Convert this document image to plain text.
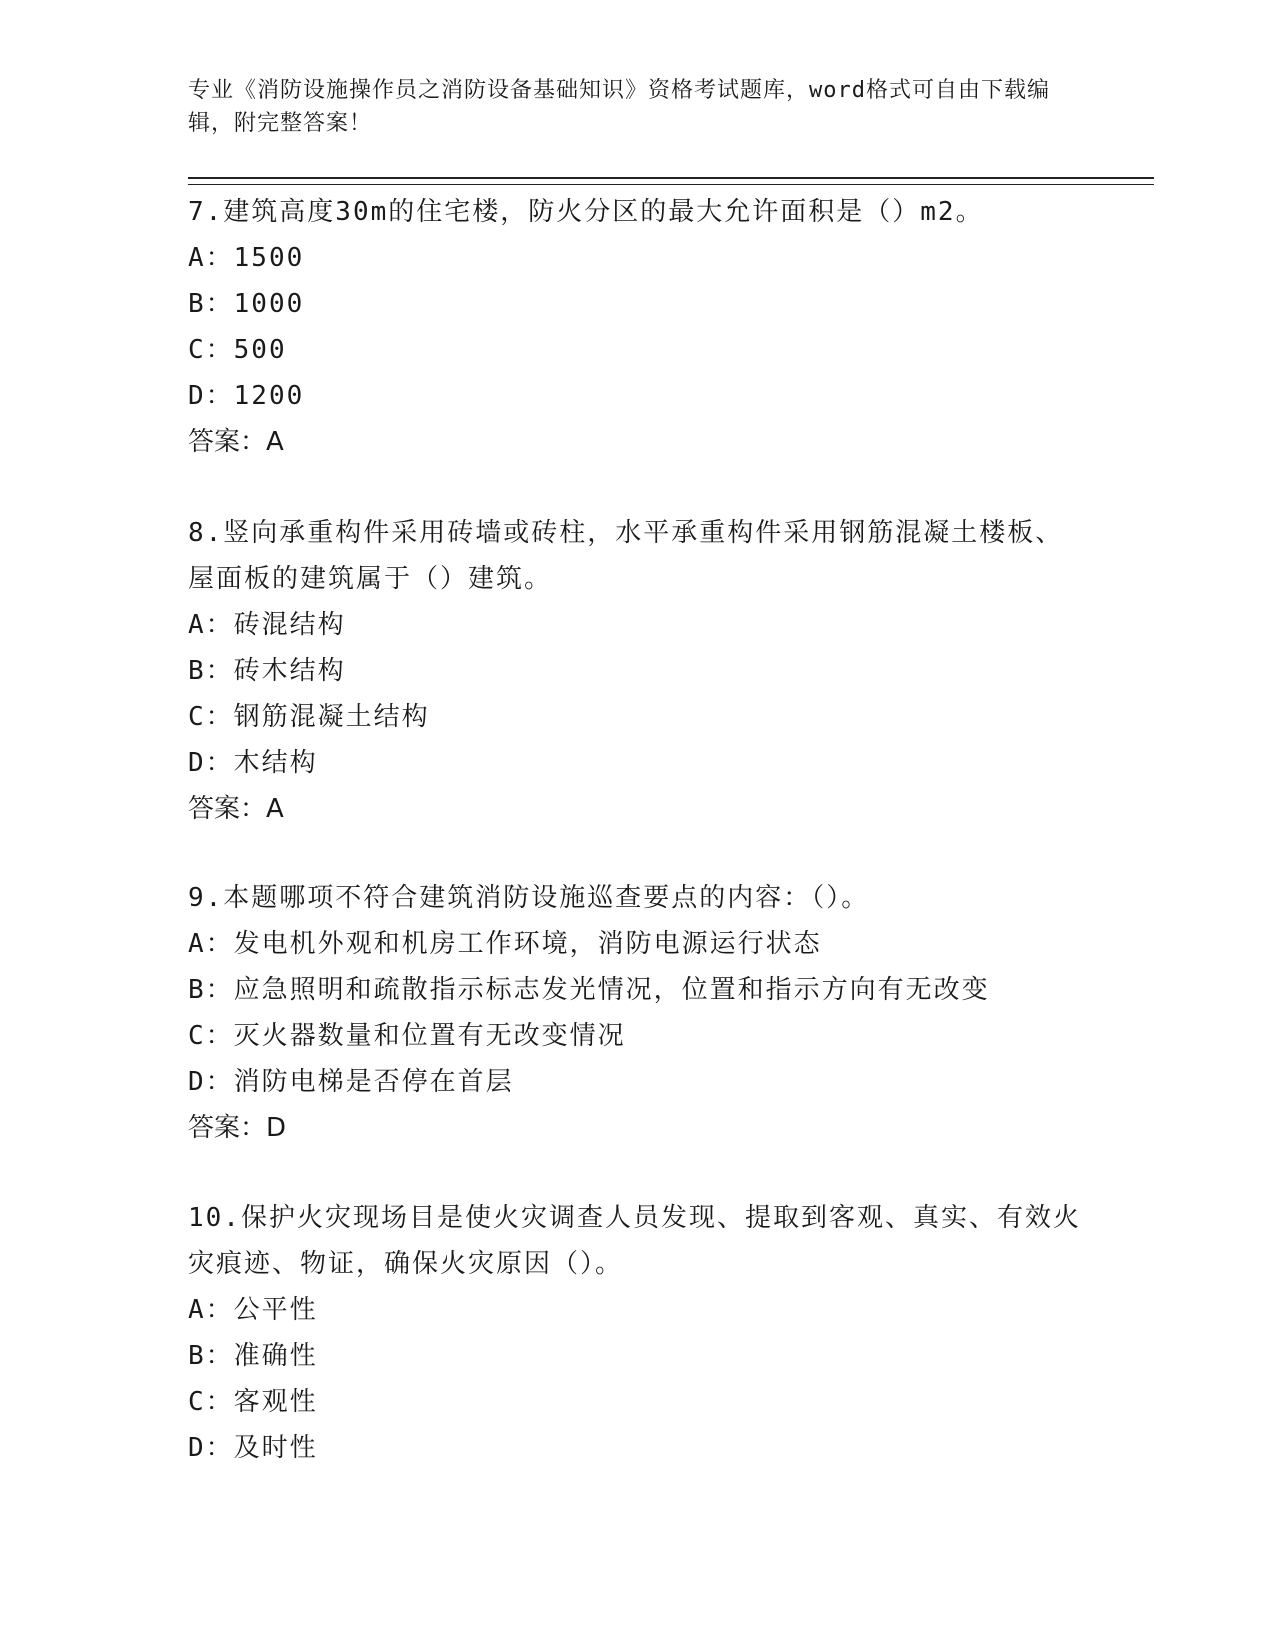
专业《消防设施操作员之消防设备基础知识》资格考试题库，word格式可自由下载编辑，附完整答案！

7.建筑高度30m的住宅楼，防火分区的最大允许面积是（）m2。

A：1500

B：1000

C：500

D：1200

答案：A

8.竖向承重构件采用砖墙或砖柱，水平承重构件采用钢筋混凝土楼板、屋面板的建筑属于（）建筑。

A：砖混结构

B：砖木结构

C：钢筋混凝土结构

D：木结构

答案：A

9.本题哪项不符合建筑消防设施巡查要点的内容：（）。

A：发电机外观和机房工作环境，消防电源运行状态

B：应急照明和疏散指示标志发光情况，位置和指示方向有无改变

C：灭火器数量和位置有无改变情况

D：消防电梯是否停在首层

答案：D

10.保护火灾现场目是使火灾调查人员发现、提取到客观、真实、有效火灾痕迹、物证，确保火灾原因（）。

A：公平性

B：准确性

C：客观性

D：及时性
